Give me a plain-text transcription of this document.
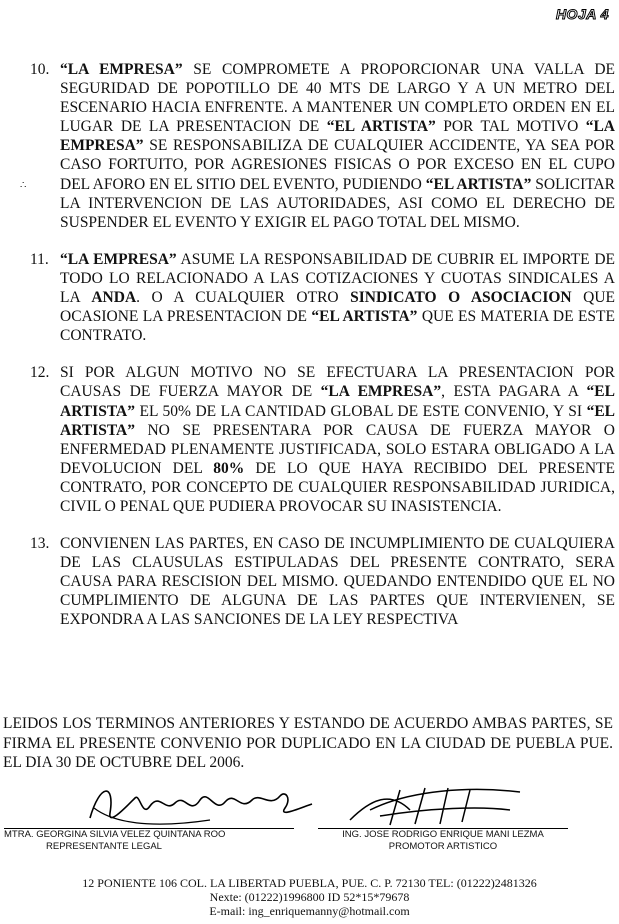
HOJA 4
∴
10. “LA EMPRESA” SE COMPROMETE A PROPORCIONAR UNA VALLA DE SEGURIDAD DE POPOTILLO DE 40 MTS DE LARGO Y A UN METRO DEL ESCENARIO HACIA ENFRENTE. A MANTENER UN COMPLETO ORDEN EN EL LUGAR DE LA PRESENTACION DE “EL ARTISTA” POR TAL MOTIVO “LA EMPRESA” SE RESPONSABILIZA DE CUALQUIER ACCIDENTE, YA SEA POR CASO FORTUITO, POR AGRESIONES FISICAS O POR EXCESO EN EL CUPO DEL AFORO EN EL SITIO DEL EVENTO, PUDIENDO “EL ARTISTA” SOLICITAR LA INTERVENCION DE LAS AUTORIDADES, ASI COMO EL DERECHO DE SUSPENDER EL EVENTO Y EXIGIR EL PAGO TOTAL DEL MISMO.
11. “LA EMPRESA” ASUME LA RESPONSABILIDAD DE CUBRIR EL IMPORTE DE TODO LO RELACIONADO A LAS COTIZACIONES Y CUOTAS SINDICALES A LA ANDA. O A CUALQUIER OTRO SINDICATO O ASOCIACION QUE OCASIONE LA PRESENTACION DE “EL ARTISTA” QUE ES MATERIA DE ESTE CONTRATO.
12. SI POR ALGUN MOTIVO NO SE EFECTUARA LA PRESENTACION POR CAUSAS DE FUERZA MAYOR DE “LA EMPRESA”, ESTA PAGARA A “EL ARTISTA” EL 50% DE LA CANTIDAD GLOBAL DE ESTE CONVENIO, Y SI “EL ARTISTA” NO SE PRESENTARA POR CAUSA DE FUERZA MAYOR O ENFERMEDAD PLENAMENTE JUSTIFICADA, SOLO ESTARA OBLIGADO A LA DEVOLUCION DEL 80% DE LO QUE HAYA RECIBIDO DEL PRESENTE CONTRATO, POR CONCEPTO DE CUALQUIER RESPONSABILIDAD JURIDICA, CIVIL O PENAL QUE PUDIERA PROVOCAR SU INASISTENCIA.
13. CONVIENEN LAS PARTES, EN CASO DE INCUMPLIMIENTO DE CUALQUIERA DE LAS CLAUSULAS ESTIPULADAS DEL PRESENTE CONTRATO, SERA CAUSA PARA RESCISION DEL MISMO. QUEDANDO ENTENDIDO QUE EL NO CUMPLIMIENTO DE ALGUNA DE LAS PARTES QUE INTERVIENEN, SE EXPONDRA A LAS SANCIONES DE LA LEY RESPECTIVA
LEIDOS LOS TERMINOS ANTERIORES Y ESTANDO DE ACUERDO AMBAS PARTES, SE FIRMA EL PRESENTE CONVENIO POR DUPLICADO EN LA CIUDAD DE PUEBLA PUE. EL DIA 30 DE OCTUBRE DEL 2006.
MTRA. GEORGINA SILVIA VELEZ QUINTANA ROO
REPRESENTANTE LEGAL
ING. JOSE RODRIGO ENRIQUE MANI LEZMA
PROMOTOR ARTISTICO
12 PONIENTE 106 COL. LA LIBERTAD PUEBLA, PUE. C. P. 72130 TEL: (01222)2481326
Nexte: (01222)1996800 ID 52*15*79678
E-mail: ing_enriquemanny@hotmail.com
